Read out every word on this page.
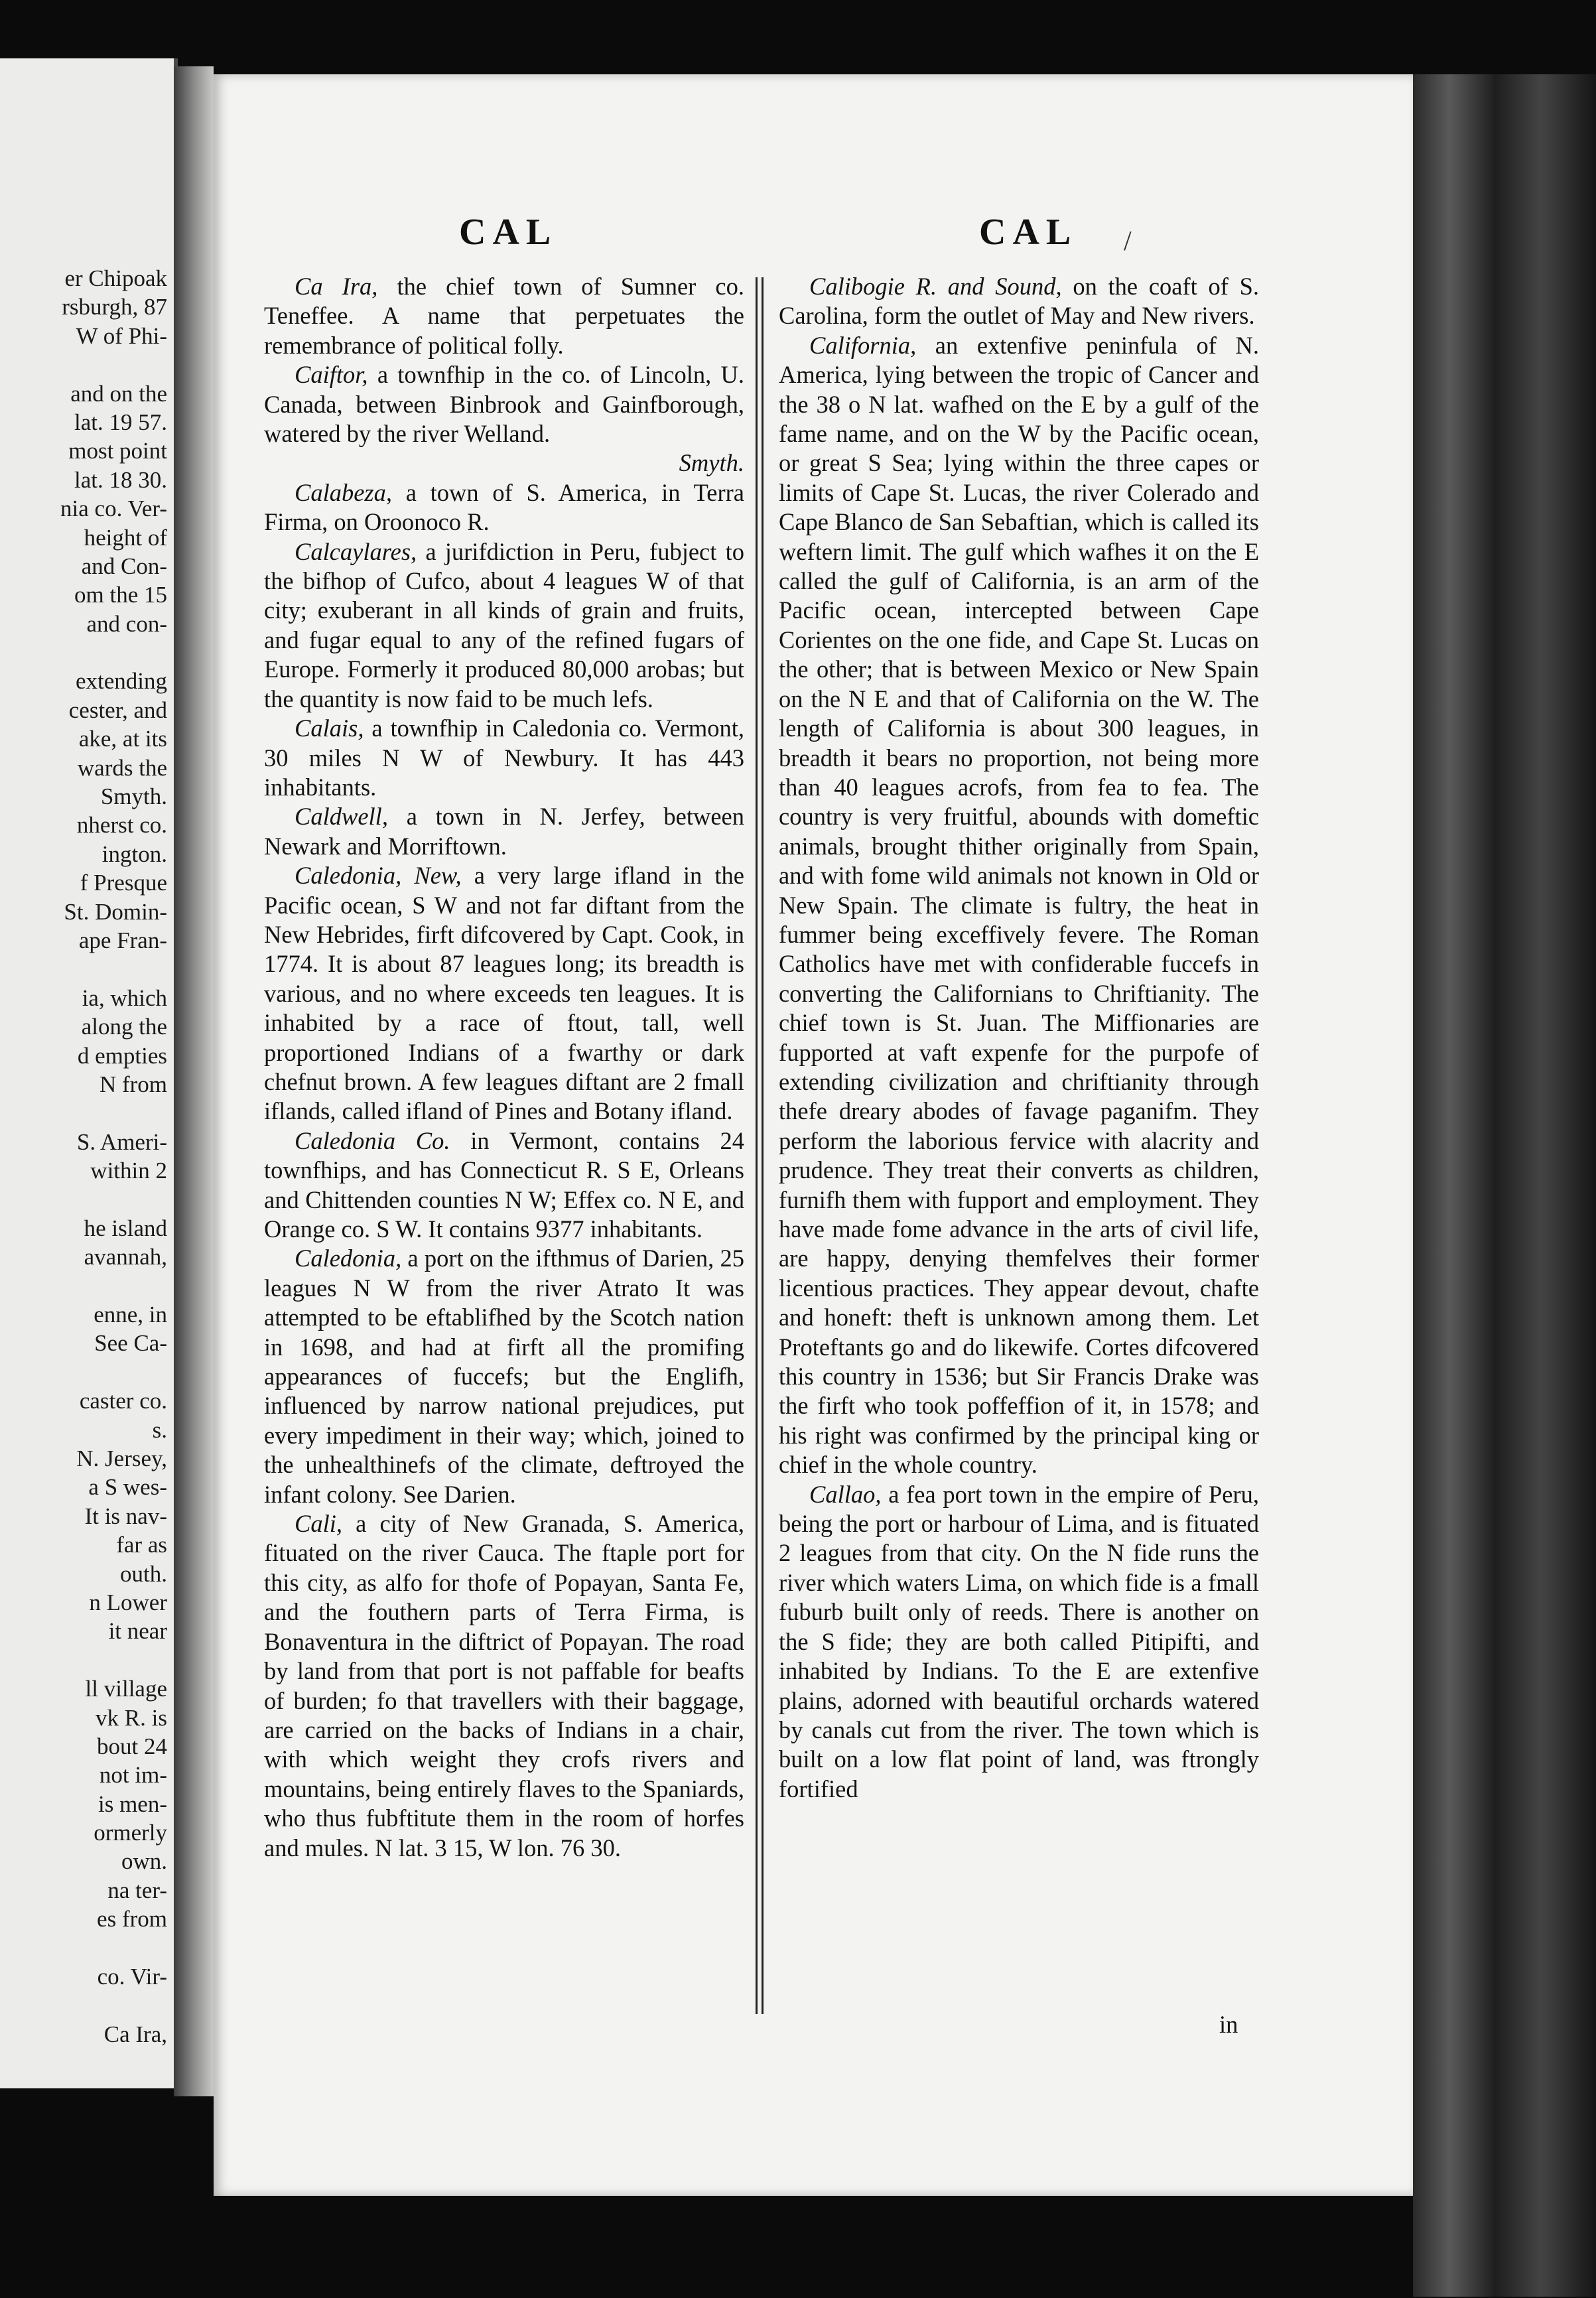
er Chipoak
rsburgh, 87
W of Phi-
and on the
lat. 19 57.
most point
lat. 18 30.
nia co. Ver-
height of
and Con-
om the 15
and con-
extending
cester, and
ake, at its
wards the
Smyth.
nherst co.
ington.
f Presque
St. Domin-
ape Fran-
ia, which
along the
d empties
N from
S. Ameri-
within 2
he island
avannah,
enne, in
See Ca-
caster co.
s.
N. Jersey,
a S wes-
It is nav-
far as
outh.
n Lower
it near
ll village
vk R. is
bout 24
not im-
is men-
ormerly
own.
na ter-
es from
co. Vir-
Ca Ira,
CAL	CAL /

Ca Ira, the chief town of Sumner co. Teneffee. A name that perpetuates the remembrance of political folly.

Caiftor, a townfhip in the co. of Lincoln, U. Canada, between Binbrook and Gainfborough, watered by the river Welland.

Smyth.

Calabeza, a town of S. America, in Terra Firma, on Oroonoco R.

Calcaylares, a jurifdiction in Peru, fubject to the bifhop of Cufco, about 4 leagues W of that city; exuberant in all kinds of grain and fruits, and fugar equal to any of the refined fugars of Europe. Formerly it produced 80,000 arobas; but the quantity is now faid to be much lefs.

Calais, a townfhip in Caledonia co. Vermont, 30 miles N W of Newbury. It has 443 inhabitants.

Caldwell, a town in N. Jerfey, between Newark and Morriftown.

Caledonia, New, a very large ifland in the Pacific ocean, S W and not far diftant from the New Hebrides, firft difcovered by Capt. Cook, in 1774. It is about 87 leagues long; its breadth is various, and no where exceeds ten leagues. It is inhabited by a race of ftout, tall, well proportioned Indians of a fwarthy or dark chefnut brown. A few leagues diftant are 2 fmall iflands, called ifland of Pines and Botany ifland.

Caledonia Co. in Vermont, contains 24 townfhips, and has Connecticut R. S E, Orleans and Chittenden counties N W; Effex co. N E, and Orange co. S W. It contains 9377 inhabitants.

Caledonia, a port on the ifthmus of Darien, 25 leagues N W from the river Atrato It was attempted to be eftablifhed by the Scotch nation in 1698, and had at firft all the promifing appearances of fuccefs; but the Englifh, influenced by narrow national prejudices, put every impediment in their way; which, joined to the unhealthinefs of the climate, deftroyed the infant colony. See Darien.

Cali, a city of New Granada, S. America, fituated on the river Cauca. The ftaple port for this city, as alfo for thofe of Popayan, Santa Fe, and the fouthern parts of Terra Firma, is Bonaventura in the diftrict of Popayan. The road by land from that port is not paffable for beafts of burden; fo that travellers with their baggage, are carried on the backs of Indians in a chair, with which weight they crofs rivers and mountains, being entirely flaves to the Spaniards, who thus fubftitute them in the room of horfes and mules. N lat. 3 15, W lon. 76 30.

Calibogie R. and Sound, on the coaft of S. Carolina, form the outlet of May and New rivers.

California, an extenfive peninfula of N. America, lying between the tropic of Cancer and the 38 o N lat. wafhed on the E by a gulf of the fame name, and on the W by the Pacific ocean, or great S Sea; lying within the three capes or limits of Cape St. Lucas, the river Colerado and Cape Blanco de San Sebaftian, which is called its weftern limit. The gulf which wafhes it on the E called the gulf of California, is an arm of the Pacific ocean, intercepted between Cape Corientes on the one fide, and Cape St. Lucas on the other; that is between Mexico or New Spain on the N E and that of California on the W. The length of California is about 300 leagues, in breadth it bears no proportion, not being more than 40 leagues acrofs, from fea to fea. The country is very fruitful, abounds with domeftic animals, brought thither originally from Spain, and with fome wild animals not known in Old or New Spain. The climate is fultry, the heat in fummer being exceffively fevere. The Roman Catholics have met with confiderable fuccefs in converting the Californians to Chriftianity. The chief town is St. Juan. The Miffionaries are fupported at vaft expenfe for the purpofe of extending civilization and chriftianity through thefe dreary abodes of favage paganifm. They perform the laborious fervice with alacrity and prudence. They treat their converts as children, furnifh them with fupport and employment. They have made fome advance in the arts of civil life, are happy, denying themfelves their former licentious practices. They appear devout, chafte and honeft: theft is unknown among them. Let Proteftants go and do likewife. Cortes difcovered this country in 1536; but Sir Francis Drake was the firft who took poffeffion of it, in 1578; and his right was confirmed by the principal king or chief in the whole country.

Callao, a fea port town in the empire of Peru, being the port or harbour of Lima, and is fituated 2 leagues from that city. On the N fide runs the river which waters Lima, on which fide is a fmall fuburb built only of reeds. There is another on the S fide; they are both called Pitipifti, and inhabited by Indians. To the E are extenfive plains, adorned with beautiful orchards watered by canals cut from the river. The town which is built on a low flat point of land, was ftrongly fortified

in
